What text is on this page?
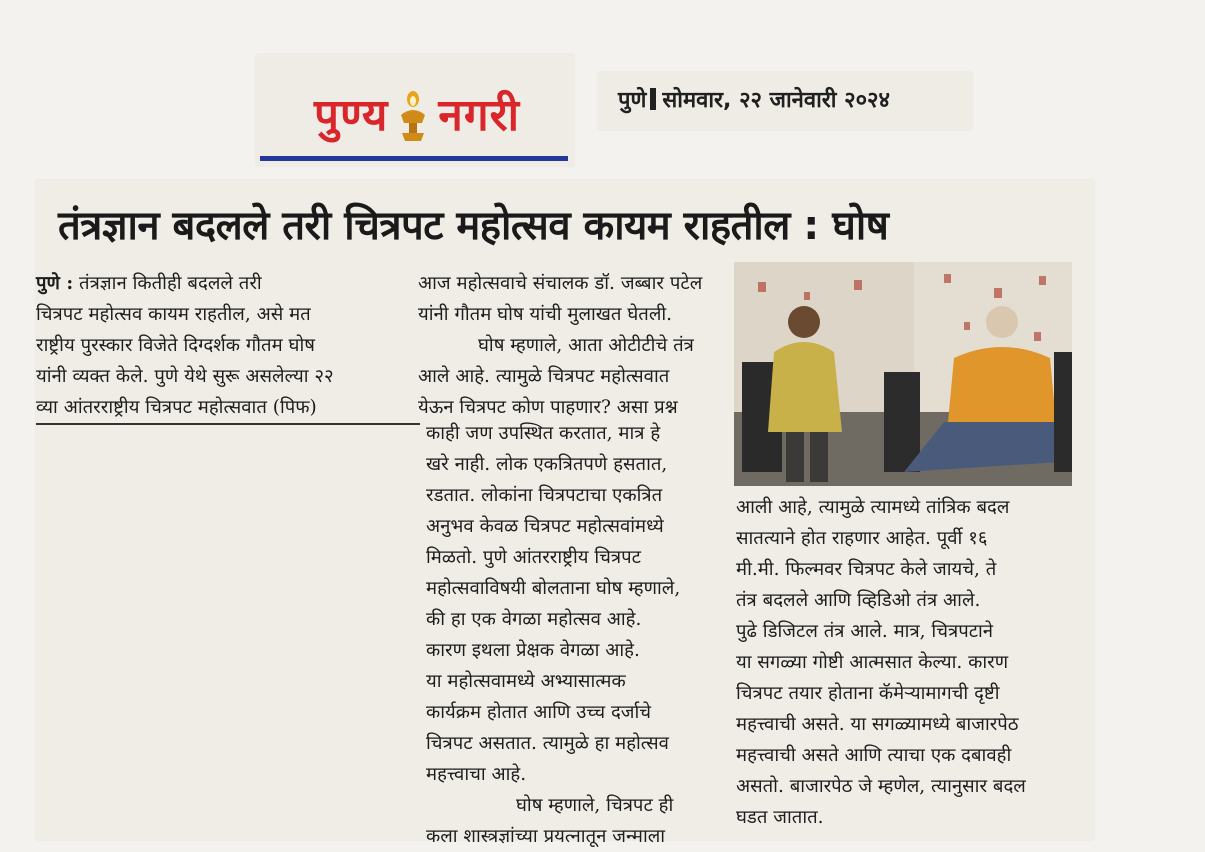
पुण्य नगरी	पुणे सोमवार, २२ जानेवारी २०२४
तंत्रज्ञान बदलले तरी चित्रपट महोत्सव कायम राहतील : घोष

पुणे : तंत्रज्ञान कितीही बदलले तरी

चित्रपट महोत्सव कायम राहतील, असे मत

राष्ट्रीय पुरस्कार विजेते दिग्दर्शक गौतम घोष

यांनी व्यक्त केले. पुणे येथे सुरू असलेल्या २२

व्या आंतरराष्ट्रीय चित्रपट महोत्सवात (पिफ)

आज महोत्सवाचे संचालक डॉ. जब्बार पटेल

यांनी गौतम घोष यांची मुलाखत घेतली.

घोष म्हणाले, आता ओटीटीचे तंत्र

आले आहे. त्यामुळे चित्रपट महोत्सवात

येऊन चित्रपट कोण पाहणार? असा प्रश्न

काही जण उपस्थित करतात, मात्र हे

खरे नाही. लोक एकत्रितपणे हसतात,

रडतात. लोकांना चित्रपटाचा एकत्रित

अनुभव केवळ चित्रपट महोत्सवांमध्ये

मिळतो. पुणे आंतरराष्ट्रीय चित्रपट

महोत्सवाविषयी बोलताना घोष म्हणाले,

की हा एक वेगळा महोत्सव आहे.

कारण इथला प्रेक्षक वेगळा आहे.

या महोत्सवामध्ये अभ्यासात्मक

कार्यक्रम होतात आणि उच्च दर्जाचे

चित्रपट असतात. त्यामुळे हा महोत्सव

महत्त्वाचा आहे.

घोष म्हणाले, चित्रपट ही

कला शास्त्रज्ञांच्या प्रयत्नातून जन्माला

आली आहे, त्यामुळे त्यामध्ये तांत्रिक बदल

सातत्याने होत राहणार आहेत. पूर्वी १६

मी.मी. फिल्मवर चित्रपट केले जायचे, ते

तंत्र बदलले आणि व्हिडिओ तंत्र आले.

पुढे डिजिटल तंत्र आले. मात्र, चित्रपटाने

या सगळ्या गोष्टी आत्मसात केल्या. कारण

चित्रपट तयार होताना कॅमेऱ्यामागची दृष्टी

महत्त्वाची असते. या सगळ्यामध्ये बाजारपेठ

महत्त्वाची असते आणि त्याचा एक दबावही

असतो. बाजारपेठ जे म्हणेल, त्यानुसार बदल

घडत जातात.
